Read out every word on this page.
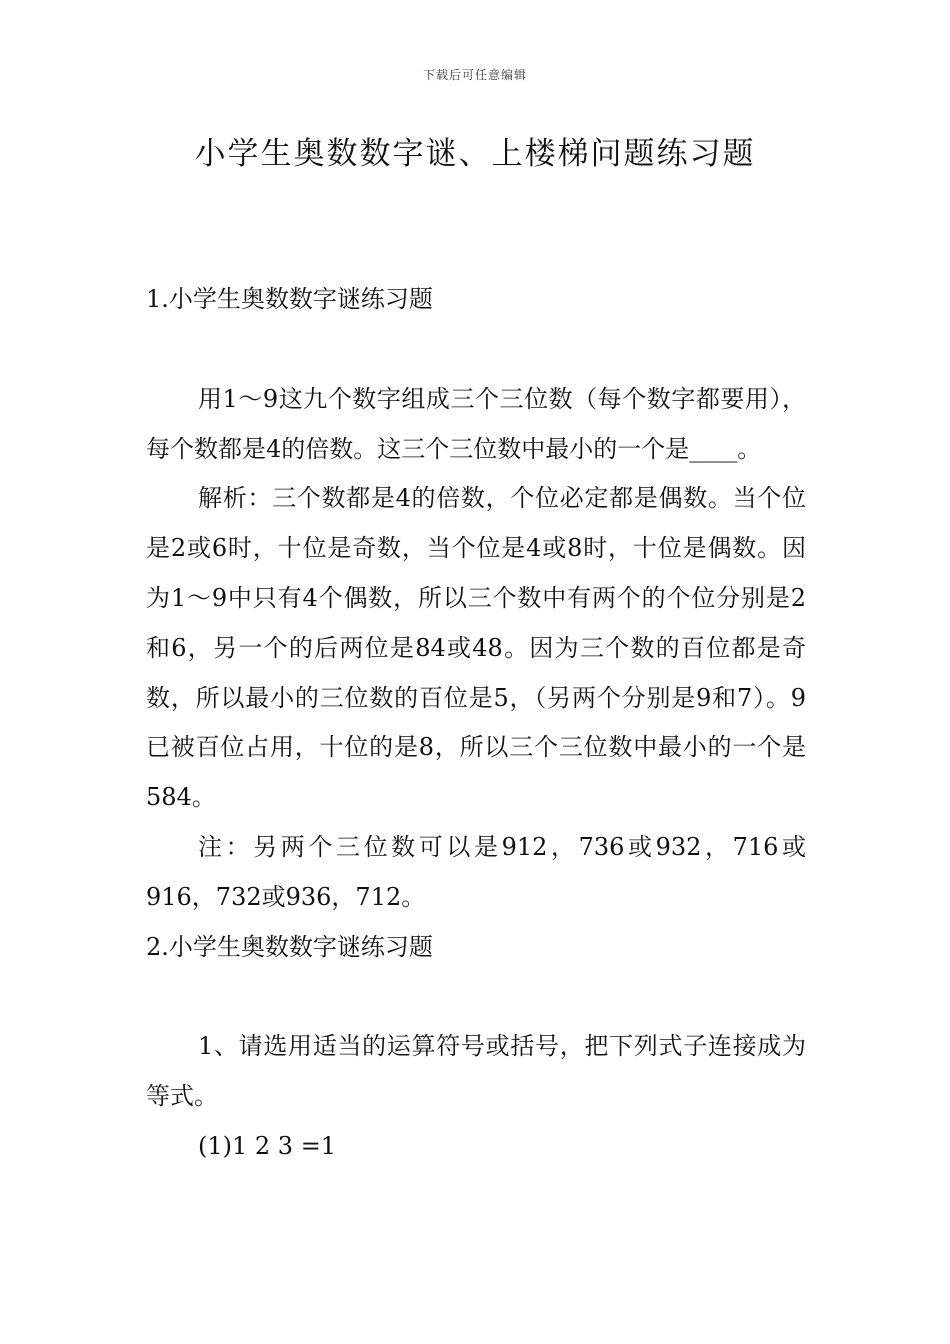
下载后可任意编辑
小学生奥数数字谜、上楼梯问题练习题

1.小学生奥数数字谜练习题

用1～9这九个数字组成三个三位数（每个数字都要用），每个数都是4的倍数。这三个三位数中最小的一个是____。

解析：三个数都是4的倍数，个位必定都是偶数。当个位是2或6时，十位是奇数，当个位是4或8时，十位是偶数。因为1～9中只有4个偶数，所以三个数中有两个的个位分别是2和6，另一个的后两位是84或48。因为三个数的百位都是奇数，所以最小的三位数的百位是5，（另两个分别是9和7）。9已被百位占用，十位的是8，所以三个三位数中最小的一个是584。

注：另两个三位数可以是912，736或932，716或916，732或936，712。

2.小学生奥数数字谜练习题

1、请选用适当的运算符号或括号，把下列式子连接成为等式。

(1)1 2 3 =1
